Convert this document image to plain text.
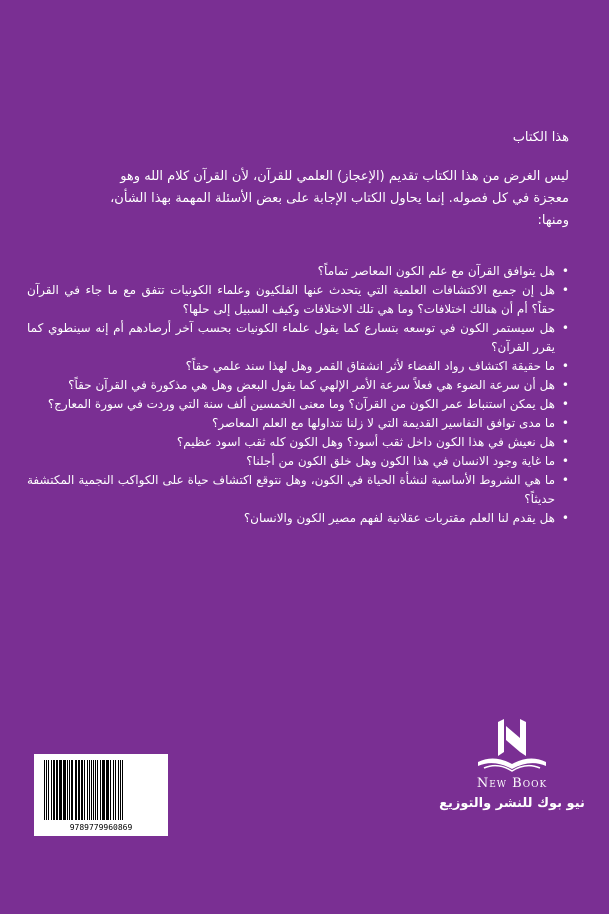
هذا الكتاب
ليس الغرض من هذا الكتاب تقديم (الإعجاز) العلمي للقرآن، لأن القرآن كلام الله وهو
معجزة في كل فصوله. إنما يحاول الكتاب الإجابة على بعض الأسئلة المهمة بهذا الشأن،
ومنها:
• هل يتوافق القرآن مع علم الكون المعاصر تماماً؟
• هل إن جميع الاكتشافات العلمية التي يتحدث عنها الفلكيون وعلماء الكونيات تتفق مع ما جاء في القرآن حقاً؟ أم أن هنالك اختلافات؟ وما هي تلك الاختلافات وكيف السبيل إلى حلها؟
• هل سيستمر الكون في توسعه بتسارع كما يقول علماء الكونيات بحسب آخر أرصادهم أم إنه سينطوي كما يقرر القرآن؟
• ما حقيقة اكتشاف رواد الفضاء لأثر انشقاق القمر وهل لهذا سند علمي حقاً؟
• هل أن سرعة الضوء هي فعلاً سرعة الأمر الإلهي كما يقول البعض وهل هي مذكورة في القرآن حقاً؟
• هل يمكن استنباط عمر الكون من القرآن؟ وما معنى الخمسين ألف سنة التي وردت في سورة المعارج؟
• ما مدى توافق التفاسير القديمة التي لا زلنا نتداولها مع العلم المعاصر؟
• هل نعيش في هذا الكون داخل ثقب أسود؟ وهل الكون كله ثقب اسود عظيم؟
• ما غاية وجود الانسان في هذا الكون وهل خلق الكون من أجلنا؟
• ما هي الشروط الأساسية لنشأة الحياة في الكون، وهل نتوقع اكتشاف حياة على الكواكب النجمية المكتشفة حديثاً؟
• هل يقدم لنا العلم مقتربات عقلانية لفهم مصير الكون والانسان؟
9789779960869
New Book
نيو بوك للنشر والتوزيع
